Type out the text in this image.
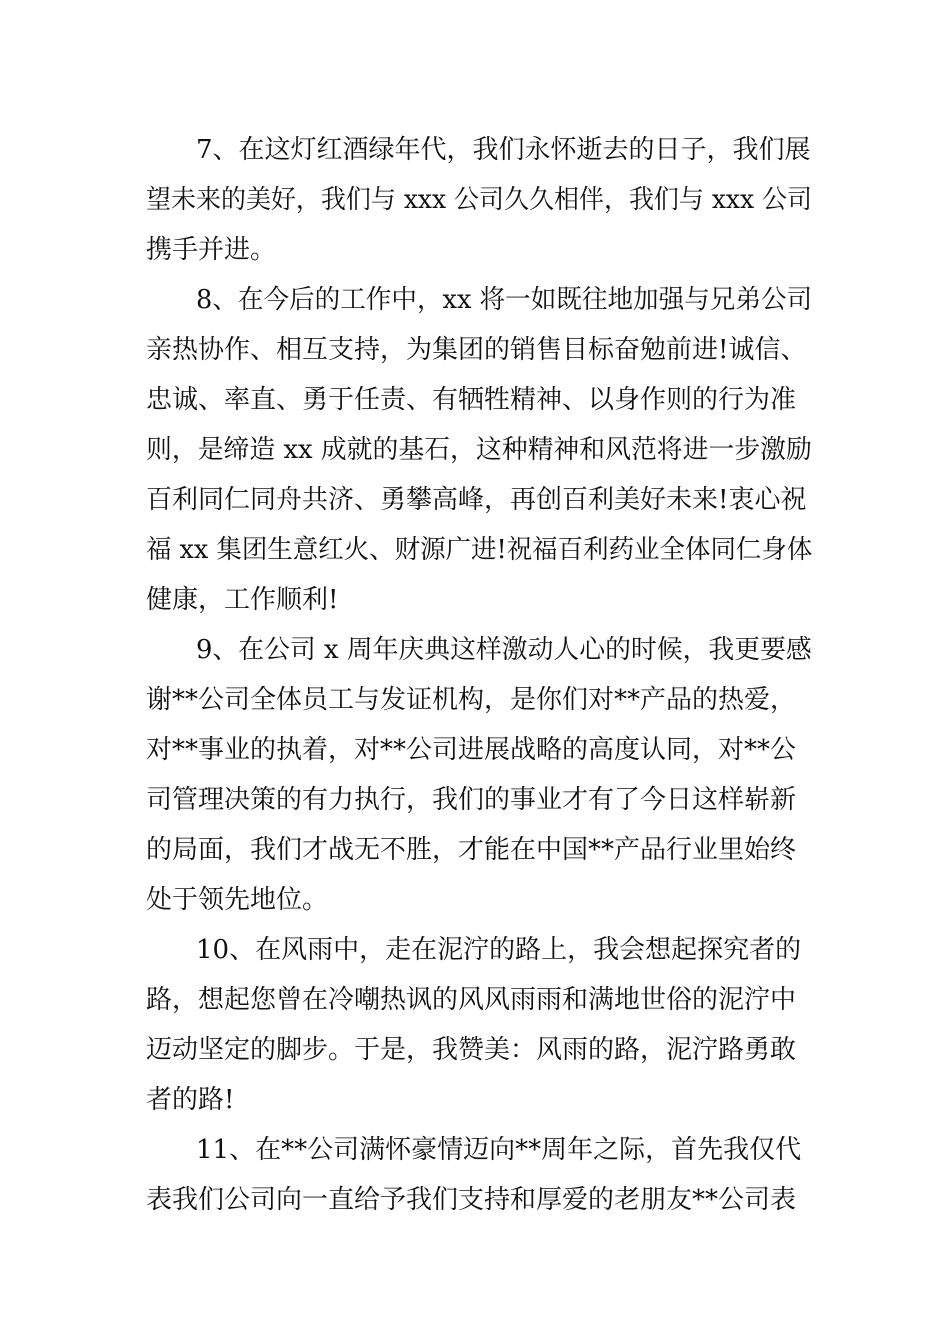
7、在这灯红酒绿年代，我们永怀逝去的日子，我们展

望未来的美好，我们与 xxx 公司久久相伴，我们与 xxx 公司

携手并进。

8、在今后的工作中，xx 将一如既往地加强与兄弟公司

亲热协作、相互支持，为集团的销售目标奋勉前进!诚信、

忠诚、率直、勇于任责、有牺牲精神、以身作则的行为准

则，是缔造 xx 成就的基石，这种精神和风范将进一步激励

百利同仁同舟共济、勇攀高峰，再创百利美好未来!衷心祝

福 xx 集团生意红火、财源广进!祝福百利药业全体同仁身体

健康，工作顺利!

9、在公司 x 周年庆典这样激动人心的时候，我更要感

谢**公司全体员工与发证机构，是你们对**产品的热爱，

对**事业的执着，对**公司进展战略的高度认同，对**公

司管理决策的有力执行，我们的事业才有了今日这样崭新

的局面，我们才战无不胜，才能在中国**产品行业里始终

处于领先地位。

10、在风雨中，走在泥泞的路上，我会想起探究者的

路，想起您曾在冷嘲热讽的风风雨雨和满地世俗的泥泞中

迈动坚定的脚步。于是，我赞美：风雨的路，泥泞路勇敢

者的路!

11、在**公司满怀豪情迈向**周年之际，首先我仅代

表我们公司向一直给予我们支持和厚爱的老朋友**公司表
